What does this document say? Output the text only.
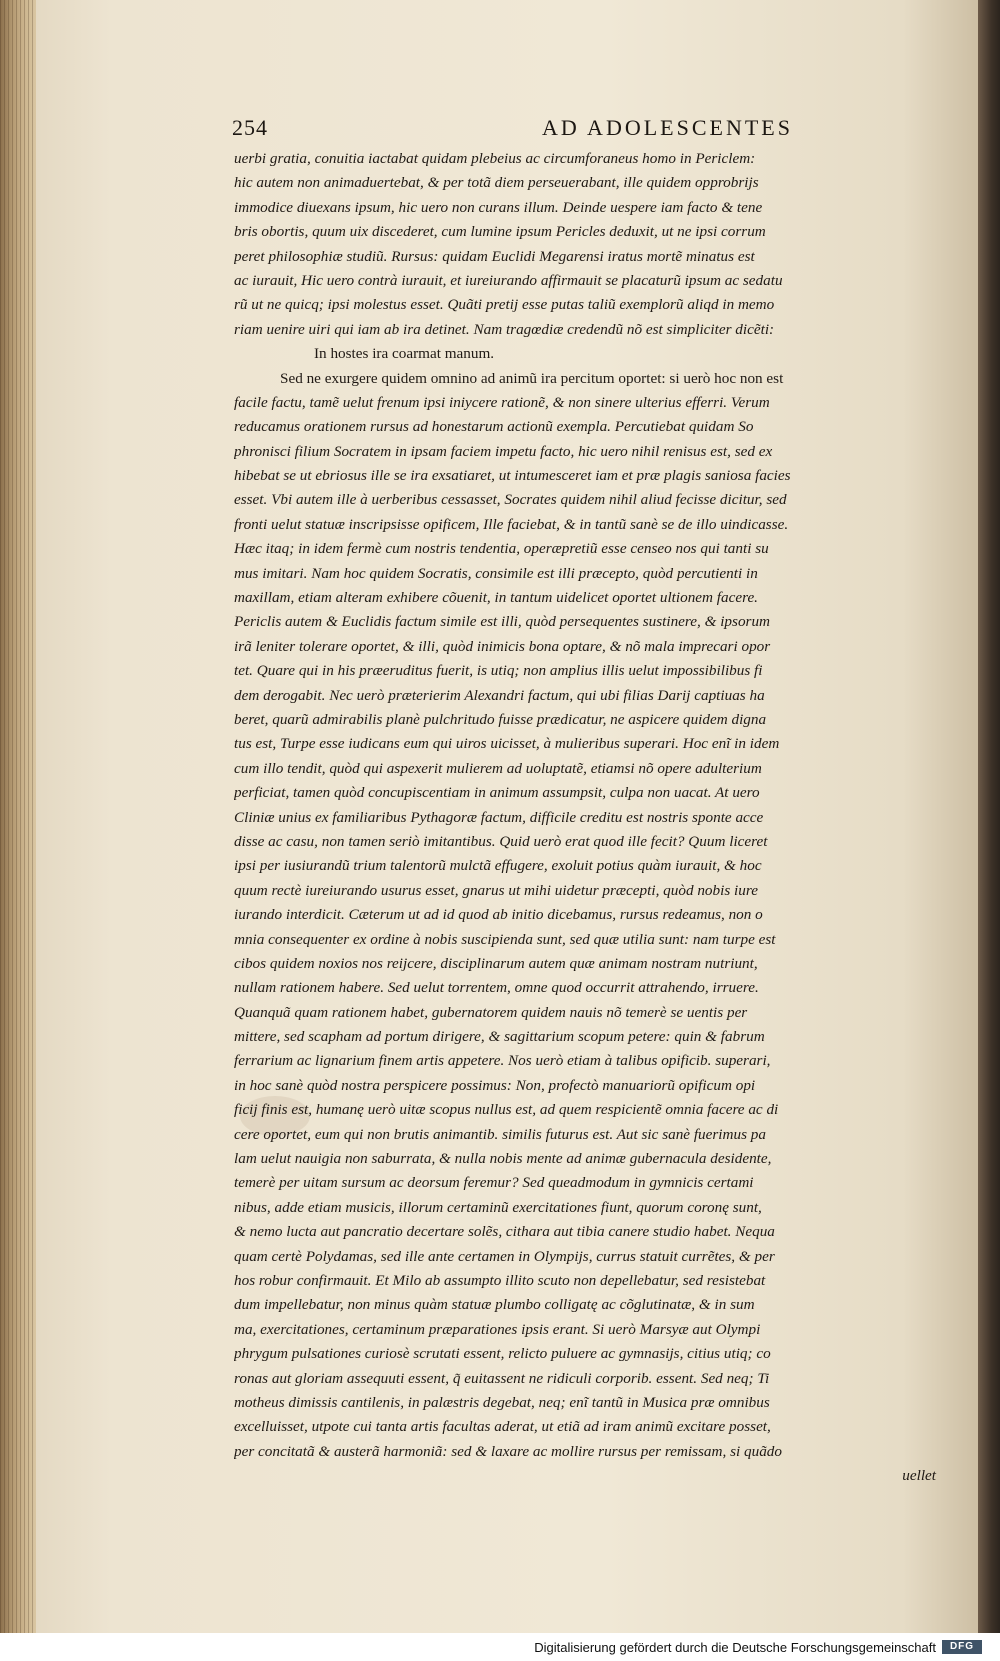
254	AD ADOLESCENTES
uerbi gratia, conuitia iactabat quidam plebeius ac circumforaneus homo in Periclem:
hic autem non animaduertebat, & per totã diem perseuerabant, ille quidem opprobrijs
immodice diuexans ipsum, hic uero non curans illum. Deinde uespere iam facto & tene
bris obortis, quum uix discederet, cum lumine ipsum Pericles deduxit, ut ne ipsi corrum
peret philosophiæ studiũ. Rursus: quidam Euclidi Megarensi iratus mortẽ minatus est
ac iurauit, Hic uero contrà iurauit, et iureiurando affirmauit se placaturũ ipsum ac sedatu
rũ ut ne quicq; ipsi molestus esset. Quãti pretij esse putas taliũ exemplorũ aliqd in memo
riam uenire uiri qui iam ab ira detinet. Nam tragœdiæ credendũ nõ est simpliciter dicẽti:
In hostes ira coarmat manum.
Sed ne exurgere quidem omnino ad animũ ira percitum oportet: si uerò hoc non est
facile factu, tamẽ uelut frenum ipsi iniycere rationẽ, & non sinere ulterius efferri. Verum
reducamus orationem rursus ad honestarum actionũ exempla. Percutiebat quidam So
phronisci filium Socratem in ipsam faciem impetu facto, hic uero nihil renisus est, sed ex
hibebat se ut ebriosus ille se ira exsatiaret, ut intumesceret iam et præ plagis saniosa facies
esset. Vbi autem ille à uerberibus cessasset, Socrates quidem nihil aliud fecisse dicitur, sed
fronti uelut statuæ inscripsisse opificem, Ille faciebat, & in tantũ sanè se de illo uindicasse.
Hæc itaq; in idem fermè cum nostris tendentia, operæpretiũ esse censeo nos qui tanti su
mus imitari. Nam hoc quidem Socratis, consimile est illi præcepto, quòd percutienti in
maxillam, etiam alteram exhibere cõuenit, in tantum uidelicet oportet ultionem facere.
Periclis autem & Euclidis factum simile est illi, quòd persequentes sustinere, & ipsorum
irã leniter tolerare oportet, & illi, quòd inimicis bona optare, & nõ mala imprecari opor
tet. Quare qui in his præeruditus fuerit, is utiq; non amplius illis uelut impossibilibus fi
dem derogabit. Nec uerò præterierim Alexandri factum, qui ubi filias Darij captiuas ha
beret, quarũ admirabilis planè pulchritudo fuisse prædicatur, ne aspicere quidem digna
tus est, Turpe esse iudicans eum qui uiros uicisset, à mulieribus superari. Hoc enĩ in idem
cum illo tendit, quòd qui aspexerit mulierem ad uoluptatẽ, etiamsi nõ opere adulterium
perficiat, tamen quòd concupiscentiam in animum assumpsit, culpa non uacat. At uero
Cliniæ unius ex familiaribus Pythagoræ factum, difficile creditu est nostris sponte acce
disse ac casu, non tamen seriò imitantibus. Quid uerò erat quod ille fecit? Quum liceret
ipsi per iusiurandũ trium talentorũ mulctã effugere, exoluit potius quàm iurauit, & hoc
quum rectè iureiurando usurus esset, gnarus ut mihi uidetur præcepti, quòd nobis iure
iurando interdicit. Cæterum ut ad id quod ab initio dicebamus, rursus redeamus, non o
mnia consequenter ex ordine à nobis suscipienda sunt, sed quæ utilia sunt: nam turpe est
cibos quidem noxios nos reijcere, disciplinarum autem quæ animam nostram nutriunt,
nullam rationem habere. Sed uelut torrentem, omne quod occurrit attrahendo, irruere.
Quanquã quam rationem habet, gubernatorem quidem nauis nõ temerè se uentis per
mittere, sed scapham ad portum dirigere, & sagittarium scopum petere: quin & fabrum
ferrarium ac lignarium finem artis appetere. Nos uerò etiam à talibus opificib. superari,
in hoc sanè quòd nostra perspicere possimus: Non, profectò manuariorũ opificum opi
ficij finis est, humanę uerò uitæ scopus nullus est, ad quem respicientẽ omnia facere ac di
cere oportet, eum qui non brutis animantib. similis futurus est. Aut sic sanè fuerimus pa
lam uelut nauigia non saburrata, & nulla nobis mente ad animæ gubernacula desidente,
temerè per uitam sursum ac deorsum feremur? Sed queadmodum in gymnicis certami
nibus, adde etiam musicis, illorum certaminũ exercitationes fiunt, quorum coronę sunt,
& nemo lucta aut pancratio decertare solẽs, cithara aut tibia canere studio habet. Nequa
quam certè Polydamas, sed ille ante certamen in Olympijs, currus statuit currẽtes, & per
hos robur confirmauit. Et Milo ab assumpto illito scuto non depellebatur, sed resistebat
dum impellebatur, non minus quàm statuæ plumbo colligatę ac cõglutinatæ, & in sum
ma, exercitationes, certaminum præparationes ipsis erant. Si uerò Marsyæ aut Olympi
phrygum pulsationes curiosè scrutati essent, relicto puluere ac gymnasijs, citius utiq; co
ronas aut gloriam assequuti essent, q̃ euitassent ne ridiculi corporib. essent. Sed neq; Ti
motheus dimissis cantilenis, in palæstris degebat, neq; enĩ tantũ in Musica præ omnibus
excelluisset, utpote cui tanta artis facultas aderat, ut etiã ad iram animũ excitare posset,
per concitatã & austerã harmoniã: sed & laxare ac mollire rursus per remissam, si quãdo
uellet
Digitalisierung gefördert durch die Deutsche Forschungsgemeinschaft	DFG
